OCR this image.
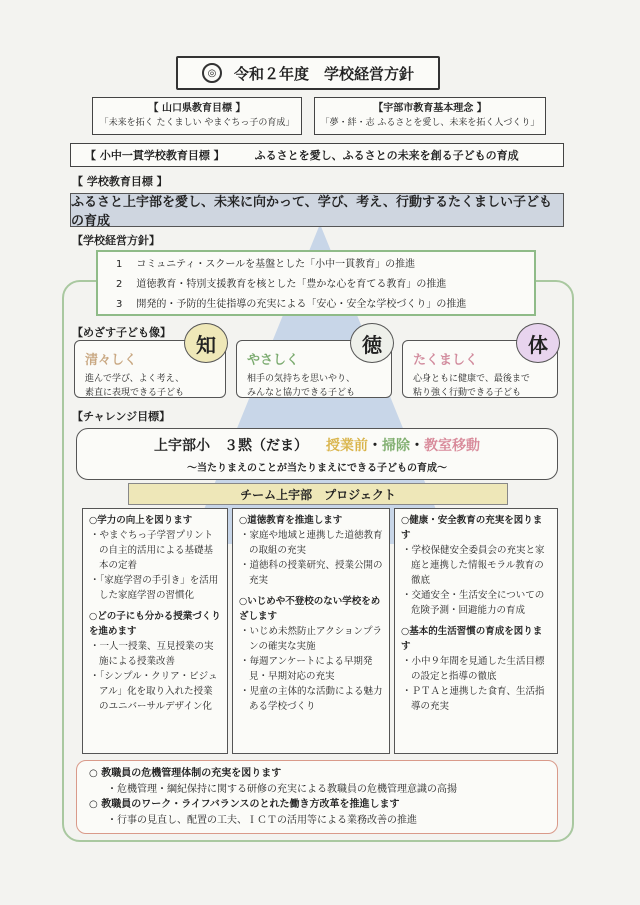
◎	令和２年度　学校経営方針
【 山口県教育目標 】
「未来を拓く たくましい やまぐちっ子の育成」
【宇部市教育基本理念 】
「夢・絆・志 ふるさとを愛し、未来を拓く人づくり」
【 小中一貫学校教育目標 】	ふるさとを愛し、ふるさとの未来を創る子どもの育成
【 学校教育目標 】
ふるさと上宇部を愛し、未来に向かって、学び、考え、行動するたくましい子どもの育成
【学校経営方針】
1 コミュニティ・スクールを基盤とした「小中一貫教育」の推進
2 道徳教育・特別支援教育を核とした「豊かな心を育てる教育」の推進
3 開発的・予防的生徒指導の充実による「安心・安全な学校づくり」の推進
【めざす子ども像】
清々しく
進んで学び、よく考え、
素直に表現できる子ども
知
やさしく
相手の気持ちを思いやり、
みんなと協力できる子ども
徳
たくましく
心身ともに健康で、最後まで
粘り強く行動できる子ども
体
【チャレンジ目標】
上宇部小　３黙（だま） 授業前 ・ 掃除 ・ 教室移動
～当たりまえのことが当たりまえにできる子どもの育成～
チーム上宇部　プロジェクト
○学力の向上を図ります
・やまぐちっ子学習プリントの自主的活用による基礎基本の定着
・「家庭学習の手引き」を活用した家庭学習の習慣化
○どの子にも分かる授業づくりを進めます
・一人一授業、互見授業の実施による授業改善
・「シンプル・クリア・ビジュアル」化を取り入れた授業のユニバーサルデザイン化
○道徳教育を推進します
・家庭や地域と連携した道徳教育の取組の充実
・道徳科の授業研究、授業公開の充実
○いじめや不登校のない学校をめざします
・いじめ未然防止アクションプランの確実な実施
・毎週アンケートによる早期発見・早期対応の充実
・児童の主体的な活動による魅力ある学校づくり
○健康・安全教育の充実を図ります
・学校保健安全委員会の充実と家庭と連携した情報モラル教育の徹底
・交通安全・生活安全についての危険予測・回避能力の育成
○基本的生活習慣の育成を図ります
・小中９年間を見通した生活目標の設定と指導の徹底
・ＰＴＡと連携した食育、生活指導の充実
○ 教職員の危機管理体制の充実を図ります
・危機管理・綱紀保持に関する研修の充実による教職員の危機管理意識の高揚
○ 教職員のワーク・ライフバランスのとれた働き方改革を推進します
・行事の見直し、配置の工夫、ＩＣＴの活用等による業務改善の推進
